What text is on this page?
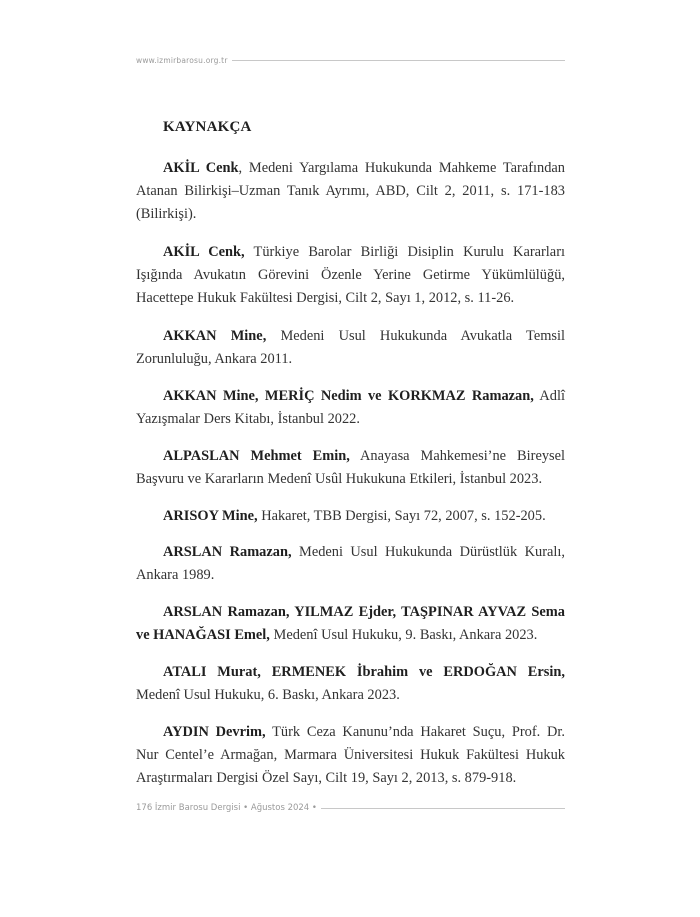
www.izmirbarosu.org.tr
KAYNAKÇA

AKİL Cenk, Medeni Yargılama Hukukunda Mahkeme Tarafından Atanan Bilirkişi–Uzman Tanık Ayrımı, ABD, Cilt 2, 2011, s. 171-183 (Bilirkişi).

AKİL Cenk, Türkiye Barolar Birliği Disiplin Kurulu Kararları Işığında Avukatın Görevini Özenle Yerine Getirme Yükümlülüğü, Hacettepe Hukuk Fakültesi Dergisi, Cilt 2, Sayı 1, 2012, s. 11-26.

AKKAN Mine, Medeni Usul Hukukunda Avukatla Temsil Zorunluluğu, Ankara 2011.

AKKAN Mine, MERİÇ Nedim ve KORKMAZ Ramazan, Adlî Yazışmalar Ders Kitabı, İstanbul 2022.

ALPASLAN Mehmet Emin, Anayasa Mahkemesi’ne Bireysel Başvuru ve Kararların Medenî Usûl Hukukuna Etkileri, İstanbul 2023.

ARISOY Mine, Hakaret, TBB Dergisi, Sayı 72, 2007, s. 152-205.

ARSLAN Ramazan, Medeni Usul Hukukunda Dürüstlük Kuralı, Ankara 1989.

ARSLAN Ramazan, YILMAZ Ejder, TAŞPINAR AYVAZ Sema ve HANAĞASI Emel, Medenî Usul Hukuku, 9. Baskı, Ankara 2023.

ATALI Murat, ERMENEK İbrahim ve ERDOĞAN Ersin, Medenî Usul Hukuku, 6. Baskı, Ankara 2023.

AYDIN Devrim, Türk Ceza Kanunu’nda Hakaret Suçu, Prof. Dr. Nur Centel’e Armağan, Marmara Üniversitesi Hukuk Fakültesi Hukuk Araştırmaları Dergisi Özel Sayı, Cilt 19, Sayı 2, 2013, s. 879-918.

176 İzmir Barosu Dergisi • Ağustos 2024 •
